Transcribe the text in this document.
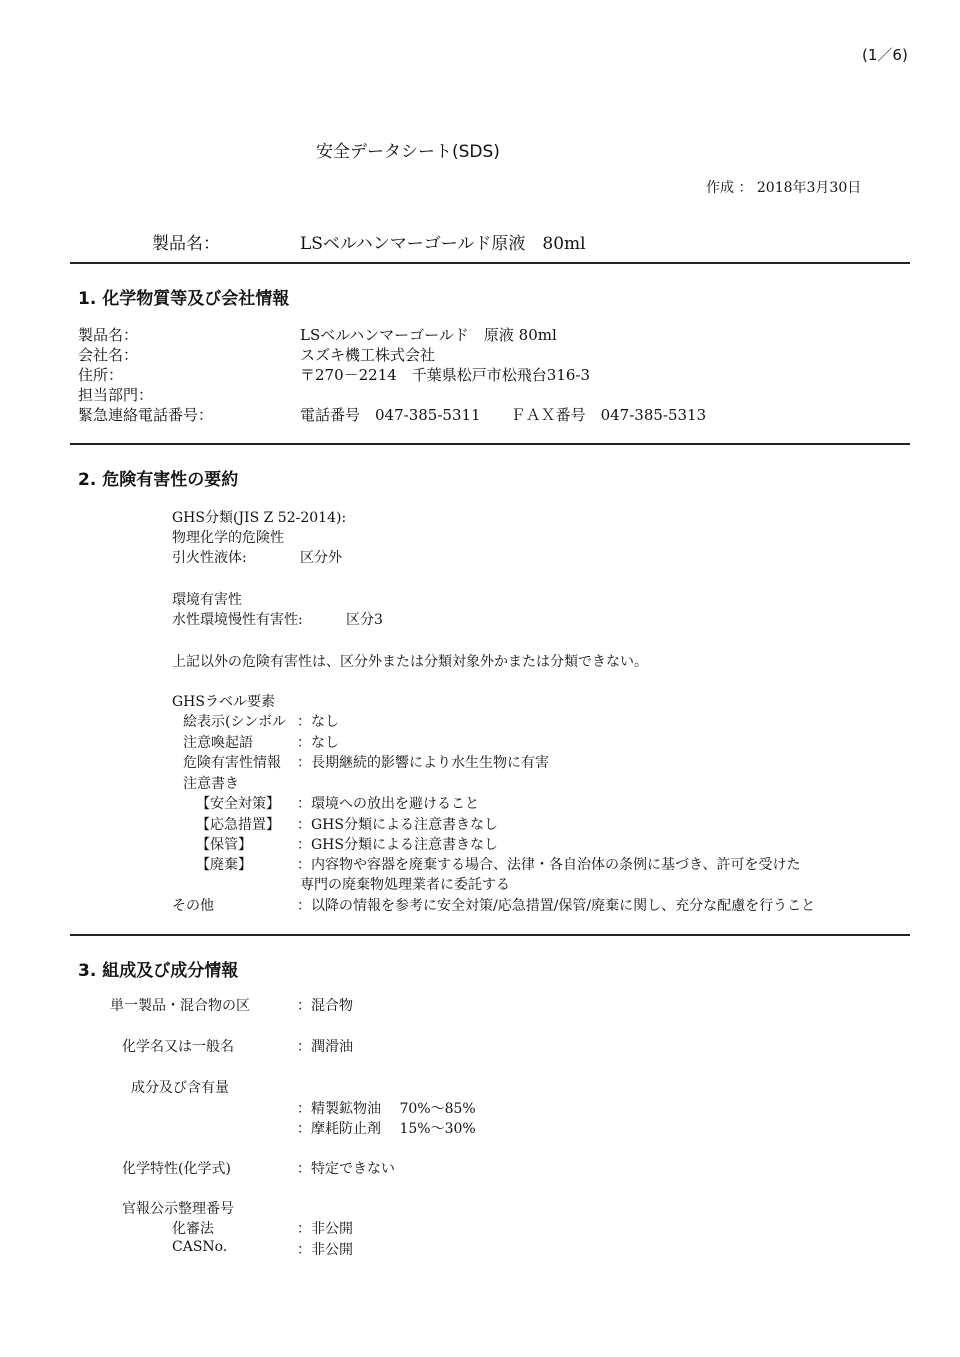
(1／6)
安全データシート(SDS)
作成 ： 2018年3月30日
製品名：	LSベルハンマーゴールド原液　80ml
1. 化学物質等及び会社情報
製品名：	LSベルハンマーゴールド　原液 80ml
会社名：	スズキ機工株式会社
住所：	〒270－2214　千葉県松戸市松飛台316-3
担当部門：
緊急連絡電話番号：	電話番号　047-385-5311　　ＦＡＸ番号　047-385-5313
2. 危険有害性の要約
GHS分類(JIS Z 52-2014):
物理化学的危険性
引火性液体:	区分外
環境有害性
水性環境慢性有害性:	区分3
上記以外の危険有害性は、区分外または分類対象外かまたは分類できない。
GHSラベル要素
絵表示(シンボル ：なし
注意喚起語	：なし
危険有害性情報 ：長期継続的影響により水生生物に有害
注意書き
【安全対策】 ：環境への放出を避けること
【応急措置】 ：GHS分類による注意書きなし
【保管】	：GHS分類による注意書きなし
【廃棄】	：内容物や容器を廃棄する場合、法律・各自治体の条例に基づき、許可を受けた
専門の廃棄物処理業者に委託する
その他	：以降の情報を参考に安全対策/応急措置/保管/廃棄に関し、充分な配慮を行うこと
3. 組成及び成分情報
単一製品・混合物の区	：混合物
化学名又は一般名	：潤滑油
成分及び含有量
：精製鉱物油　 70%～85%
：摩耗防止剤　 15%～30%
化学特性(化学式)	：特定できない
官報公示整理番号
化審法	：非公開
CASNo.	：非公開
